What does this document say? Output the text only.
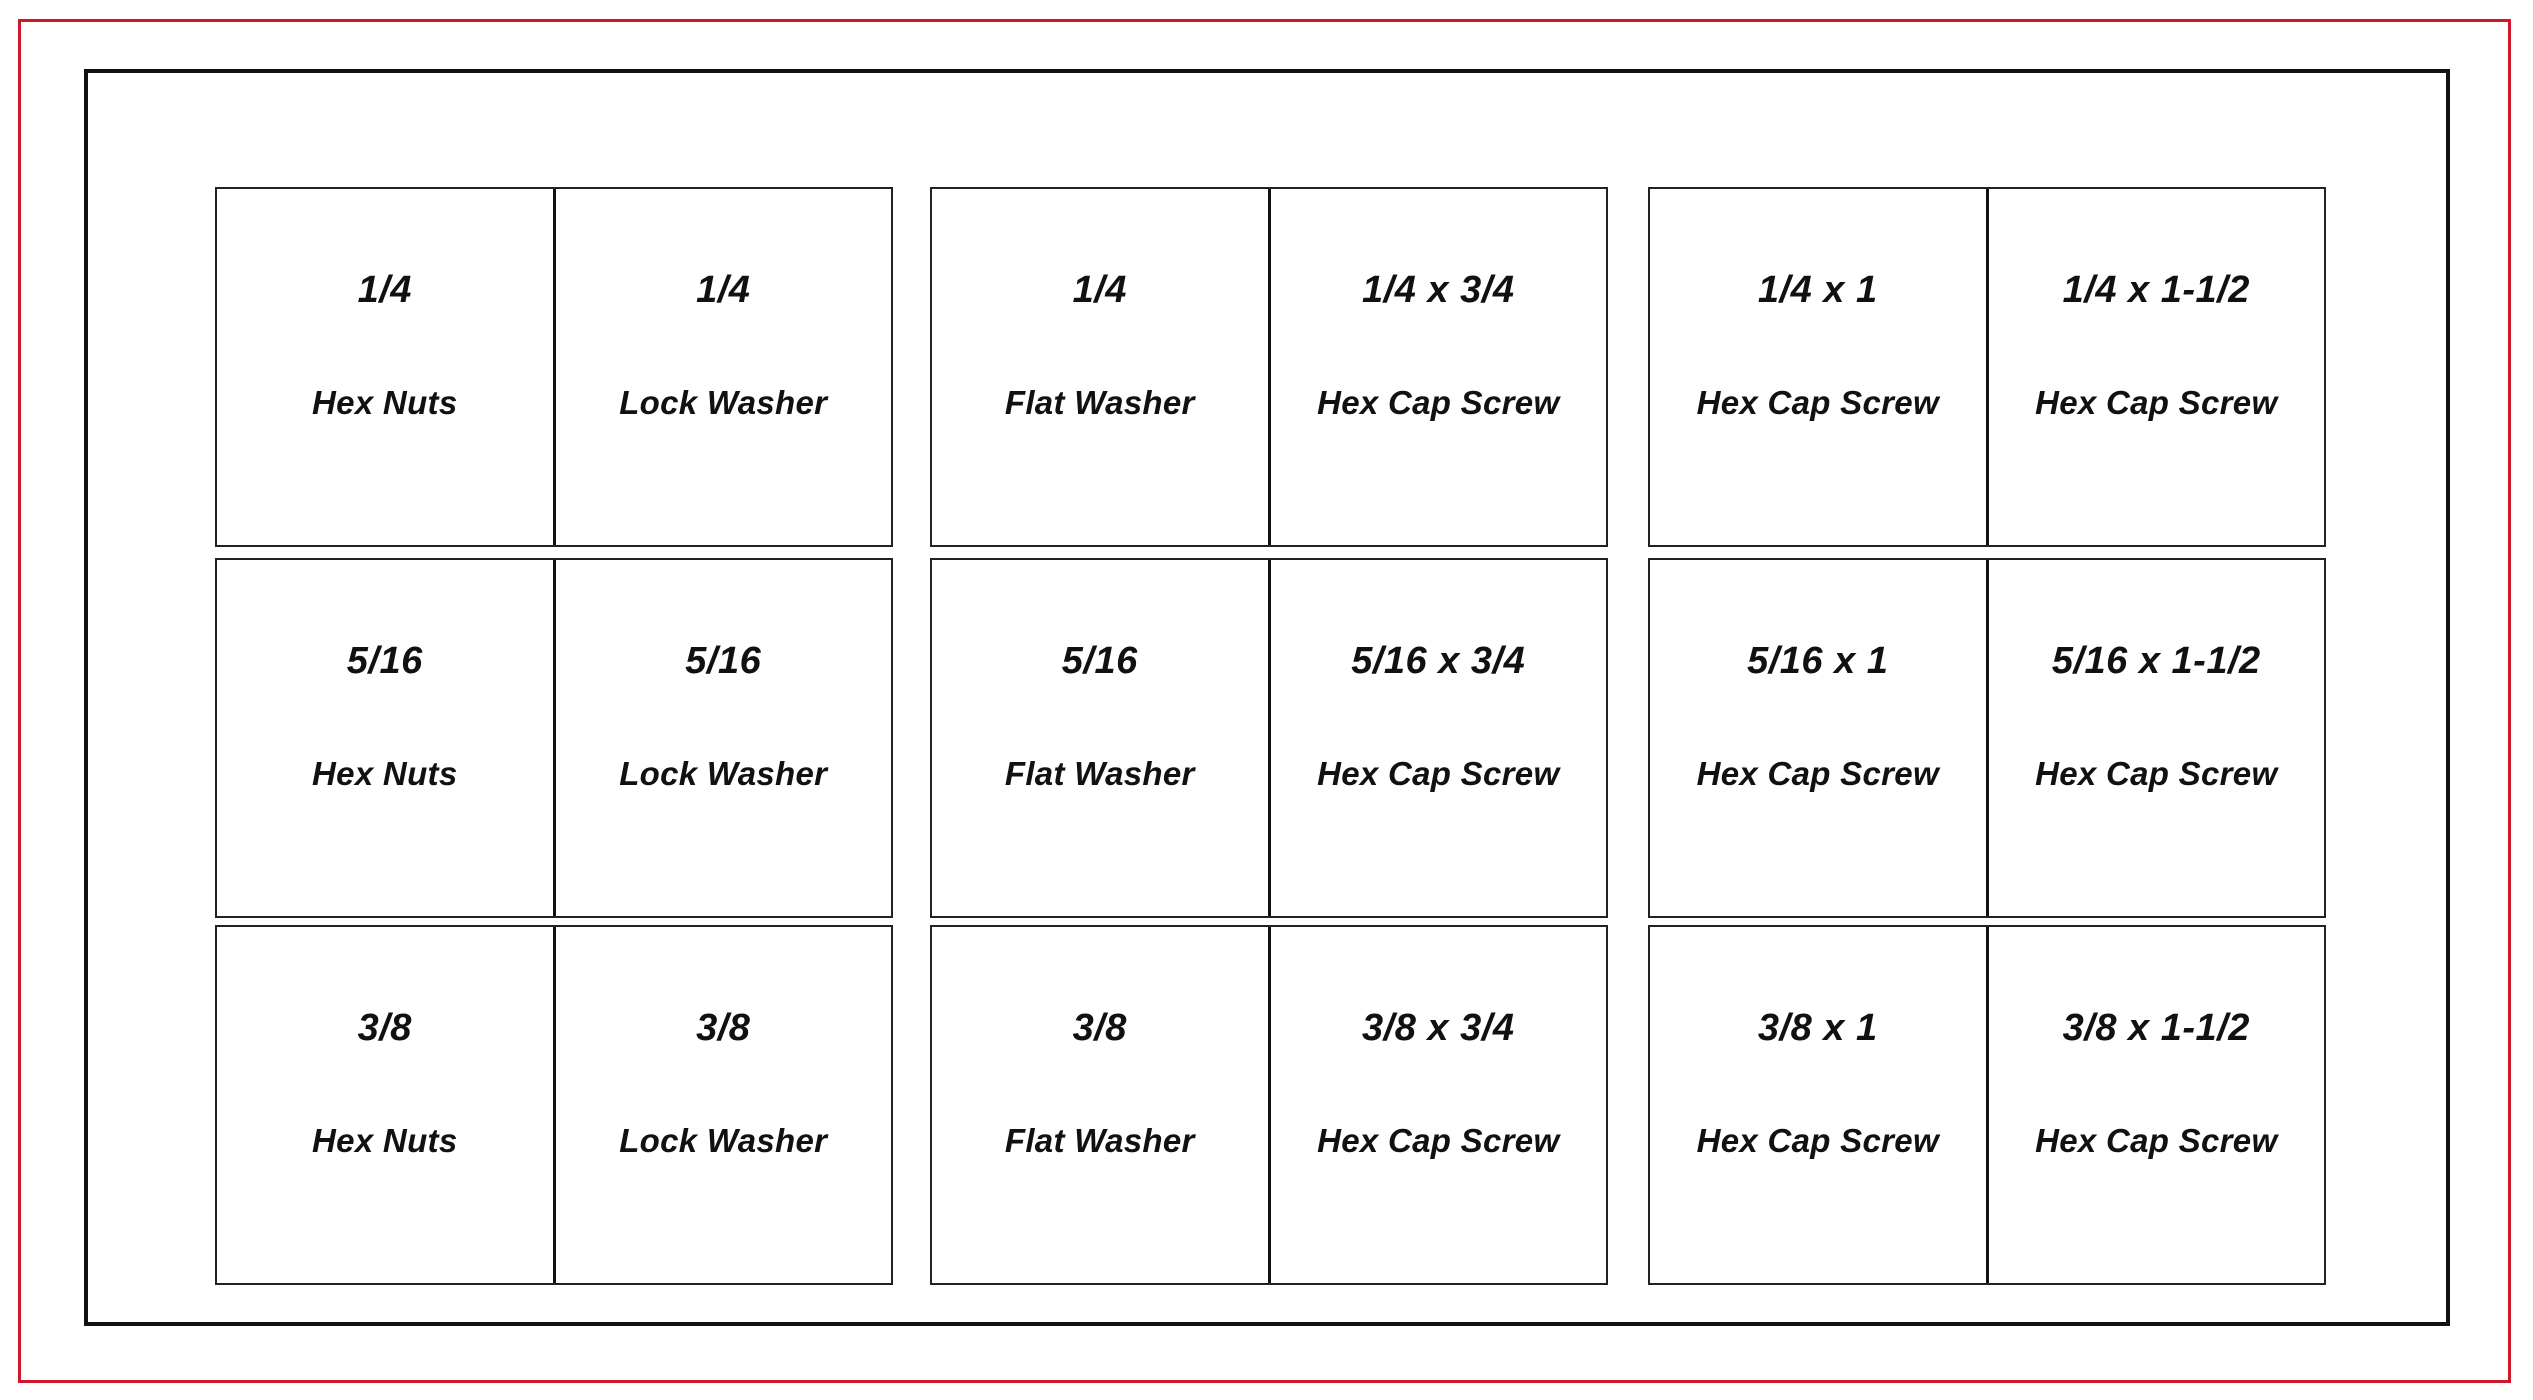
1/4
Hex Nuts
1/4
Lock Washer
1/4
Flat Washer
1/4 x 3/4
Hex Cap Screw
1/4 x 1
Hex Cap Screw
1/4 x 1-1/2
Hex Cap Screw
5/16
Hex Nuts
5/16
Lock Washer
5/16
Flat Washer
5/16 x 3/4
Hex Cap Screw
5/16 x 1
Hex Cap Screw
5/16 x 1-1/2
Hex Cap Screw
3/8
Hex Nuts
3/8
Lock Washer
3/8
Flat Washer
3/8 x 3/4
Hex Cap Screw
3/8 x 1
Hex Cap Screw
3/8 x 1-1/2
Hex Cap Screw
